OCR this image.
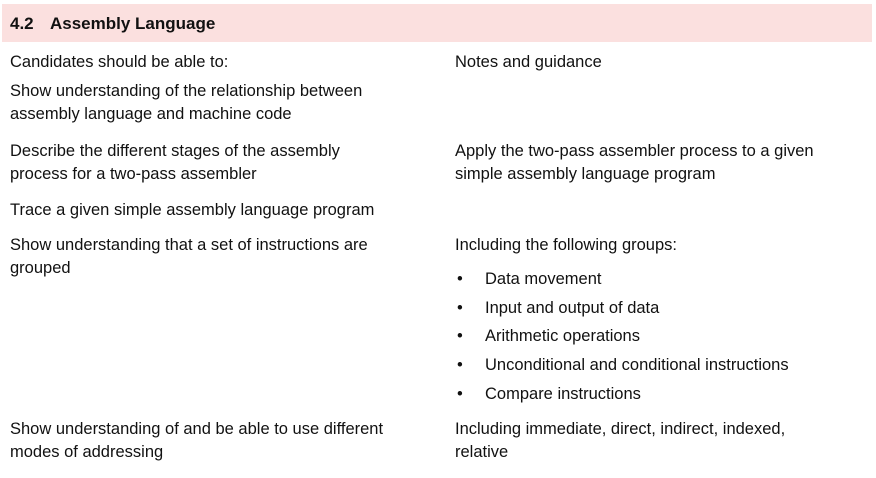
4.2 Assembly Language
Candidates should be able to:	Notes and guidance
Show understanding of the relationship between
assembly language and machine code
Describe the different stages of the assembly
process for a two-pass assembler
Apply the two-pass assembler process to a given
simple assembly language program
Trace a given simple assembly language program
Show understanding that a set of instructions are
grouped
Including the following groups:
• Data movement
• Input and output of data
• Arithmetic operations
• Unconditional and conditional instructions
• Compare instructions
Show understanding of and be able to use different
modes of addressing
Including immediate, direct, indirect, indexed,
relative
